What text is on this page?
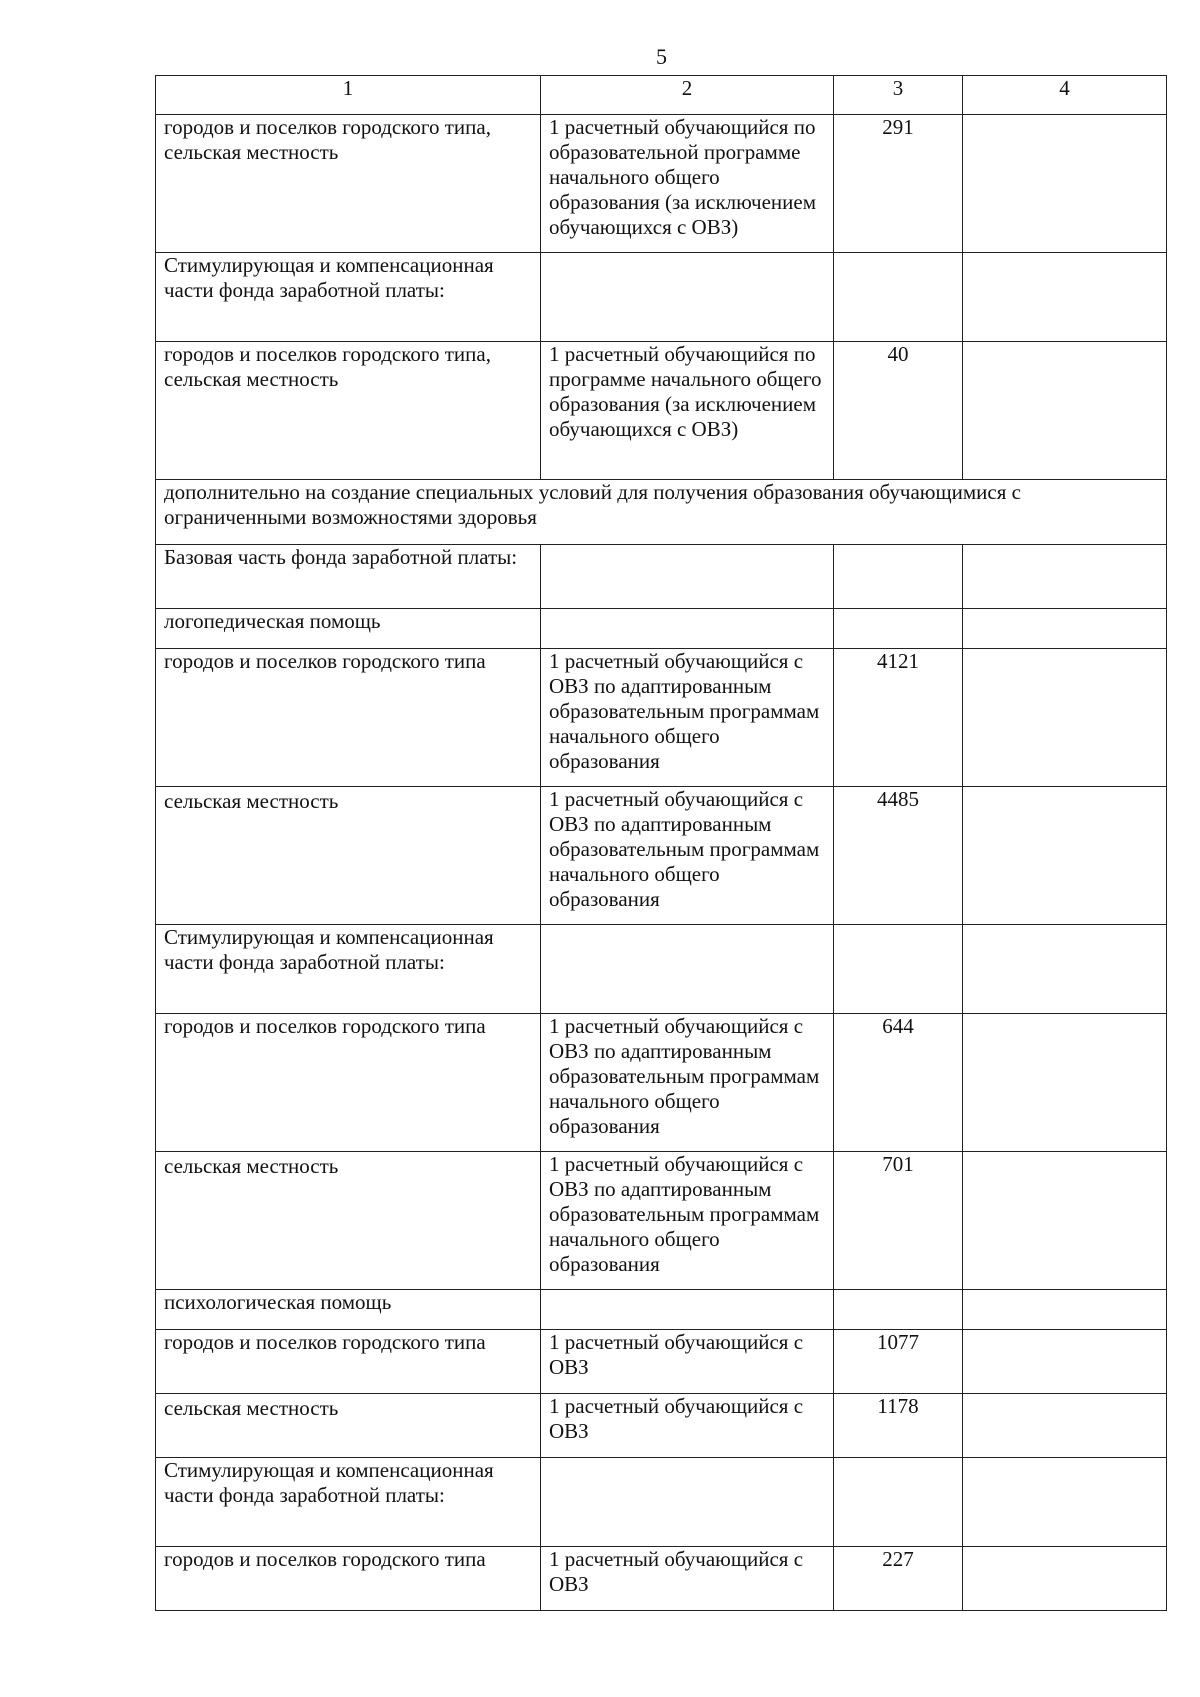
5
1	2	3	4
городов и поселков городского типа, сельская местность	1 расчетный обучающийся по образовательной программе начального общего образования (за исключением обучающихся с ОВЗ)	291	
Стимулирующая и компенсационная части фонда заработной платы:			
городов и поселков городского типа, сельская местность	1 расчетный обучающийся по программе начального общего образования (за исключением обучающихся с ОВЗ)	40	
дополнительно на создание специальных условий для получения образования обучающимися с ограниченными возможностями здоровья			
Базовая часть фонда заработной платы:			
логопедическая помощь			
городов и поселков городского типа	1 расчетный обучающийся с ОВЗ по адаптированным образовательным программам начального общего образования	4121	
сельская местность	1 расчетный обучающийся с ОВЗ по адаптированным образовательным программам начального общего образования	4485	
Стимулирующая и компенсационная части фонда заработной платы:			
городов и поселков городского типа	1 расчетный обучающийся с ОВЗ по адаптированным образовательным программам начального общего образования	644	
сельская местность	1 расчетный обучающийся с ОВЗ по адаптированным образовательным программам начального общего образования	701	
психологическая помощь			
городов и поселков городского типа	1 расчетный обучающийся с ОВЗ	1077	
сельская местность	1 расчетный обучающийся с ОВЗ	1178	
Стимулирующая и компенсационная части фонда заработной платы:			
городов и поселков городского типа	1 расчетный обучающийся с ОВЗ	227	
